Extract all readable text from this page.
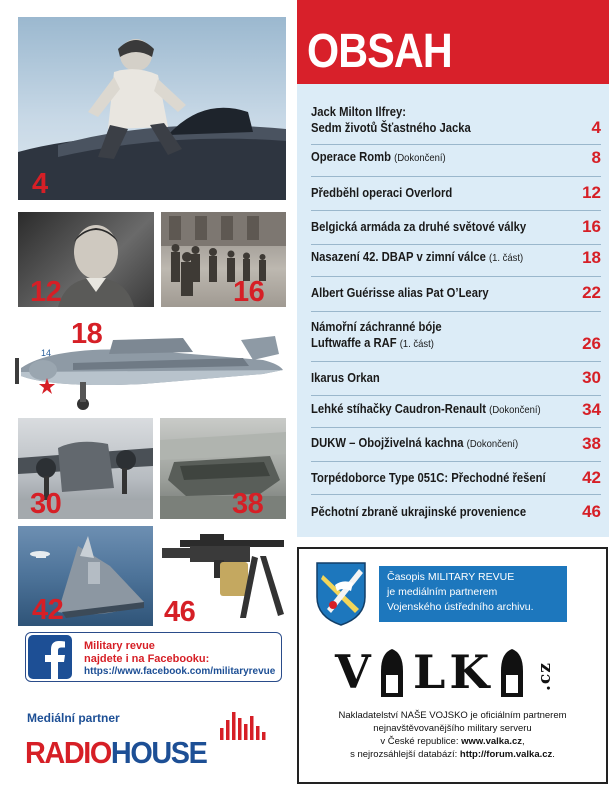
4
12	16
14
18
30	38
42	46
OBSAH
Jack Milton Ilfrey:
Sedm životů Šťastného Jacka	4
Operace Romb (Dokončení)	8
Předběhl operaci Overlord	12
Belgická armáda za druhé světové války	16
Nasazení 42. DBAP v zimní válce (1. část)	18
Albert Guérisse alias Pat O’Leary	22
Námořní záchranné bóje
Luftwaffe a RAF (1. část)	26
Ikarus Orkan	30
Lehké stíhačky Caudron-Renault (Dokončení) 34
DUKW – Obojživelná kachna (Dokončení)	38
Torpédoborce Type 051C: Přechodné řešení 42
Pěchotní zbraně ukrajinské provenience	46
Military revue
najdete i na Facebooku:
https://www.facebook.com/militaryrevue
Mediální partner
RADIOHOUSE
Časopis MILITARY REVUE
je mediálním partnerem
Vojenského ústředního archivu.
V LK .cz
Nakladatelství NAŠE VOJSKO je oficiálním partnerem
nejnavštěvovanějšího military serveru
v České republice: www.valka.cz,
s nejrozsáhlejší databází: http://forum.valka.cz.
